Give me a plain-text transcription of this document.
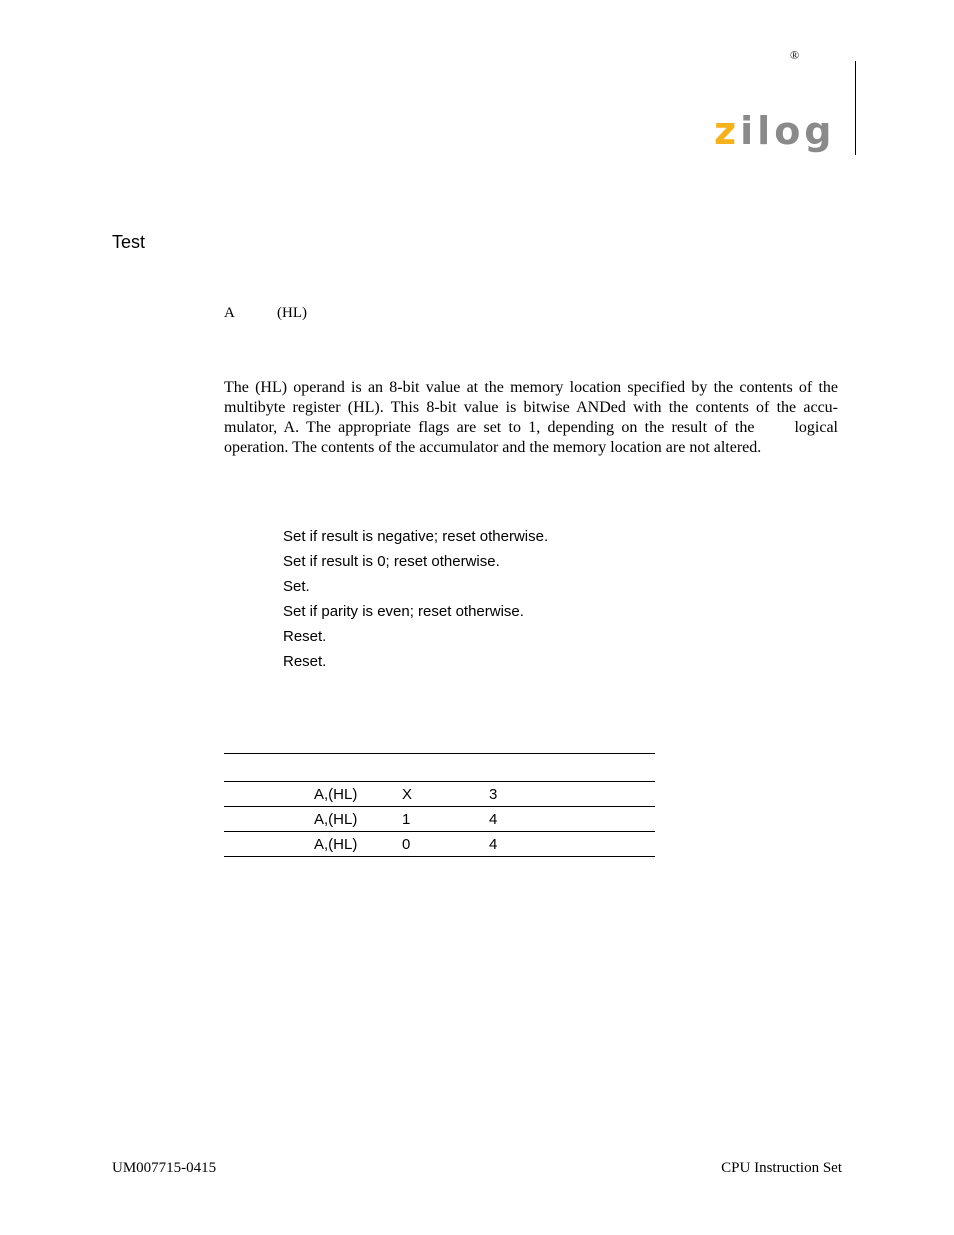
®
zilog
Test
A	(HL)
The (HL) operand is an 8-bit value at the memory location specified by the contents of the
multibyte register (HL). This 8-bit value is bitwise ANDed with the contents of the accu-
mulator, A. The appropriate flags are set to 1, depending on the result of the	logical
operation. The contents of the accumulator and the memory location are not altered.
Set if result is negative; reset otherwise.
Set if result is 0; reset otherwise.
Set.
Set if parity is even; reset otherwise.
Reset.
Reset.

	A,(HL)	X	3
	A,(HL)	1	4
	A,(HL)	0	4
UM007715-0415	CPU Instruction Set
